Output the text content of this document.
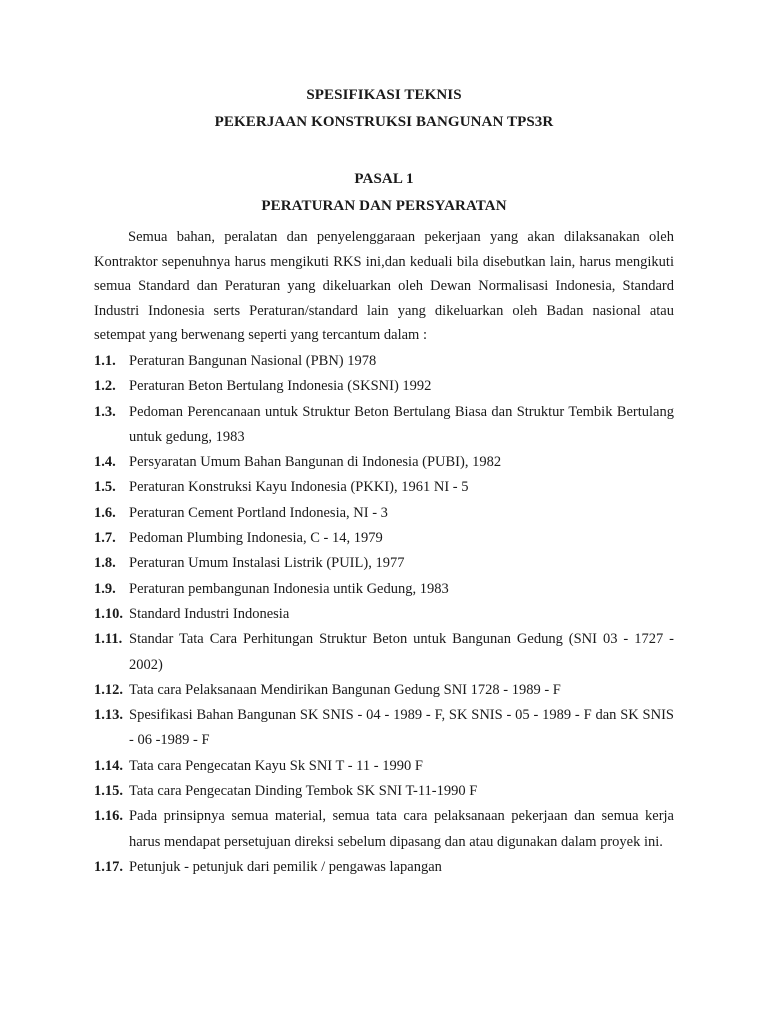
SPESIFIKASI TEKNIS
PEKERJAAN KONSTRUKSI BANGUNAN TPS3R
PASAL 1
PERATURAN DAN PERSYARATAN

Semua bahan, peralatan dan penyelenggaraan pekerjaan yang akan dilaksanakan oleh Kontraktor sepenuhnya harus mengikuti RKS ini,dan keduali bila disebutkan lain, harus mengikuti semua Standard dan Peraturan yang dikeluarkan oleh Dewan Normalisasi Indonesia, Standard Industri Indonesia serts Peraturan/standard lain yang dikeluarkan oleh Badan nasional atau setempat yang berwenang seperti yang tercantum dalam :

1.1. Peraturan Bangunan Nasional (PBN) 1978
1.2. Peraturan Beton Bertulang Indonesia (SKSNI) 1992
1.3. Pedoman Perencanaan untuk Struktur Beton Bertulang Biasa dan Struktur Tembik Bertulang untuk gedung, 1983
1.4. Persyaratan Umum Bahan Bangunan di Indonesia (PUBI), 1982
1.5. Peraturan Konstruksi Kayu Indonesia (PKKI), 1961 NI - 5
1.6. Peraturan Cement Portland Indonesia, NI - 3
1.7. Pedoman Plumbing Indonesia, C - 14, 1979
1.8. Peraturan Umum Instalasi Listrik (PUIL), 1977
1.9. Peraturan pembangunan Indonesia untik Gedung, 1983
1.10. Standard Industri Indonesia
1.11. Standar Tata Cara Perhitungan Struktur Beton untuk Bangunan Gedung (SNI 03 - 1727 - 2002)
1.12. Tata cara Pelaksanaan Mendirikan Bangunan Gedung SNI 1728 - 1989 - F
1.13. Spesifikasi Bahan Bangunan SK SNIS - 04 - 1989 - F, SK SNIS - 05 - 1989 - F dan SK SNIS - 06 -1989 - F
1.14. Tata cara Pengecatan Kayu Sk SNI T - 11 - 1990 F
1.15. Tata cara Pengecatan Dinding Tembok SK SNI T-11-1990 F
1.16. Pada prinsipnya semua material, semua tata cara pelaksanaan pekerjaan dan semua kerja harus mendapat persetujuan direksi sebelum dipasang dan atau digunakan dalam proyek ini.
1.17. Petunjuk - petunjuk dari pemilik / pengawas lapangan
